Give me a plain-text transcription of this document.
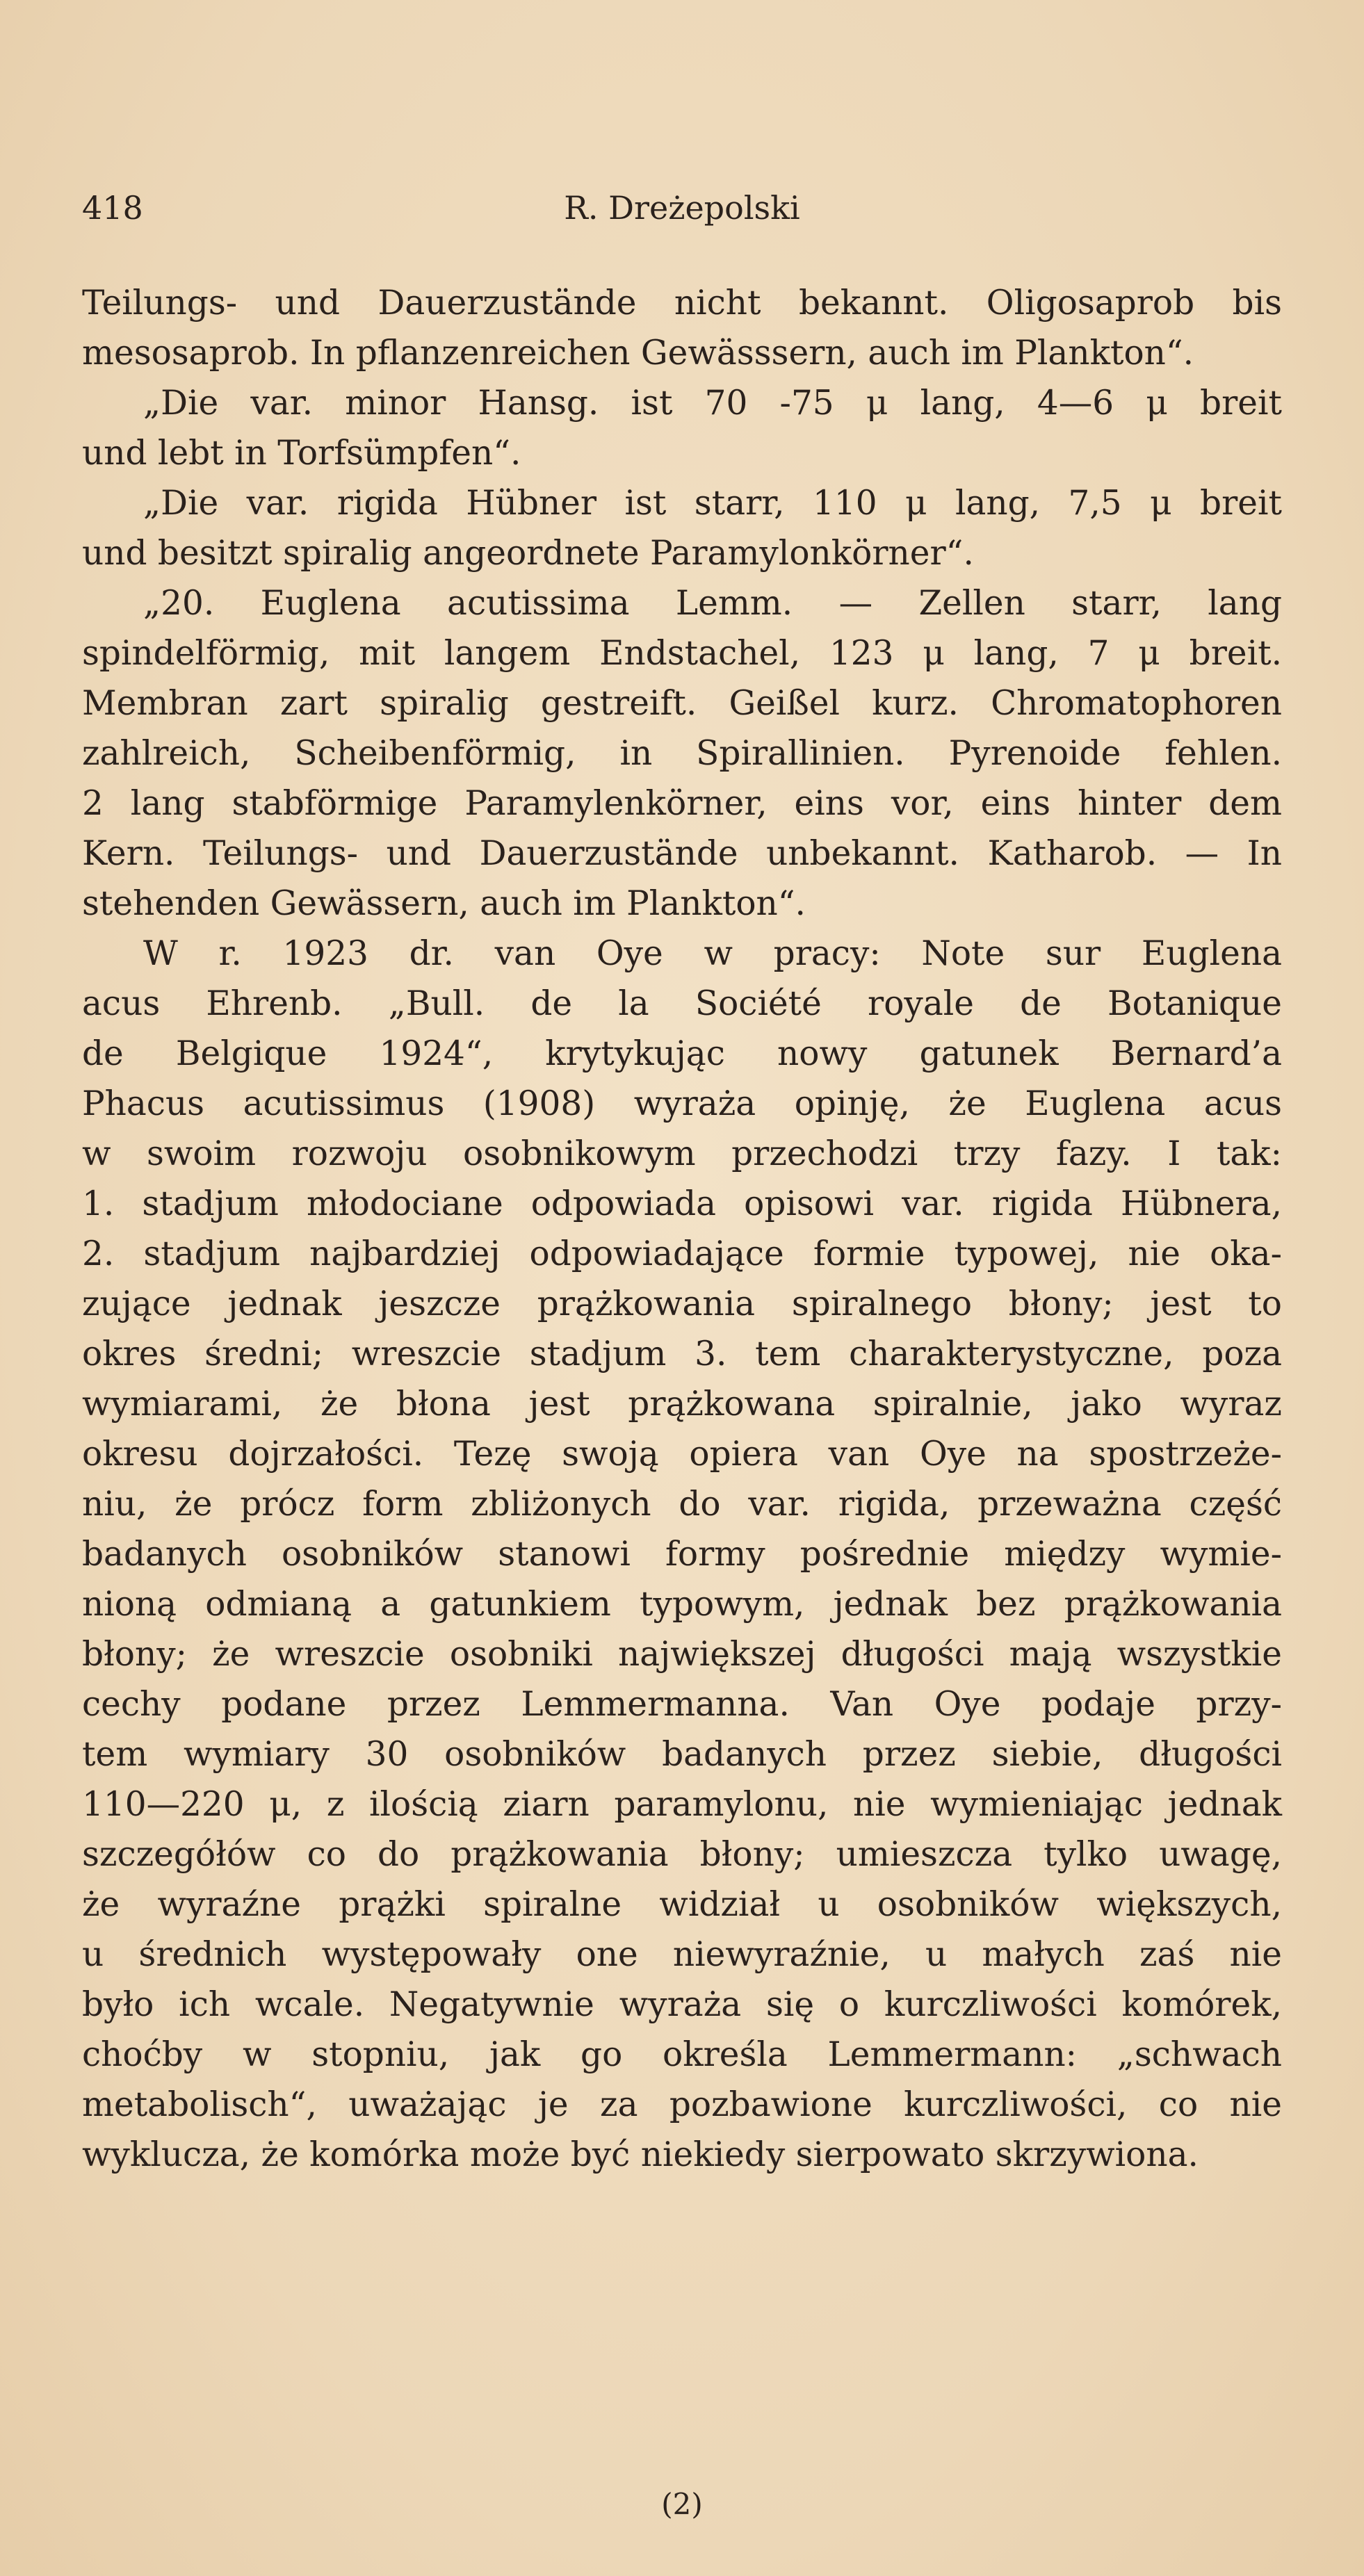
418	R. Dreżepolski

Teilungs- und Dauerzustände nicht bekannt. Oligosaprob bis

mesosaprob. In pflanzenreichen Gewässsern, auch im Plankton“.

„Die var. minor Hansg. ist 70 -75 μ lang, 4—6 μ breit

und lebt in Torfsümpfen“.

„Die var. rigida Hübner ist starr, 110 μ lang, 7,5 μ breit

und besitzt spiralig angeordnete Paramylonkörner“.

„20. Euglena acutissima Lemm. — Zellen starr, lang

spindelförmig, mit langem Endstachel, 123 μ lang, 7 μ breit.

Membran zart spiralig gestreift. Geißel kurz. Chromatophoren

zahlreich, Scheibenförmig, in Spirallinien. Pyrenoide fehlen.

2 lang stabförmige Paramylenkörner, eins vor, eins hinter dem

Kern. Teilungs- und Dauerzustände unbekannt. Katharob. — In

stehenden Gewässern, auch im Plankton“.

W r. 1923 dr. van Oye w pracy: Note sur Euglena

acus Ehrenb. „Bull. de la Société royale de Botanique

de Belgique 1924“, krytykując nowy gatunek Bernard’a

Phacus acutissimus (1908) wyraża opinję, że Euglena acus

w swoim rozwoju osobnikowym przechodzi trzy fazy. I tak:

1. stadjum młodociane odpowiada opisowi var. rigida Hübnera,

2. stadjum najbardziej odpowiadające formie typowej, nie oka-

zujące jednak jeszcze prążkowania spiralnego błony; jest to

okres średni; wreszcie stadjum 3. tem charakterystyczne, poza

wymiarami, że błona jest prążkowana spiralnie, jako wyraz

okresu dojrzałości. Tezę swoją opiera van Oye na spostrzeże-

niu, że prócz form zbliżonych do var. rigida, przeważna część

badanych osobników stanowi formy pośrednie między wymie-

nioną odmianą a gatunkiem typowym, jednak bez prążkowania

błony; że wreszcie osobniki największej długości mają wszystkie

cechy podane przez Lemmermanna. Van Oye podaje przy-

tem wymiary 30 osobników badanych przez siebie, długości

110—220 μ, z ilością ziarn paramylonu, nie wymieniając jednak

szczegółów co do prążkowania błony; umieszcza tylko uwagę,

że wyraźne prążki spiralne widział u osobników większych,

u średnich występowały one niewyraźnie, u małych zaś nie

było ich wcale. Negatywnie wyraża się o kurczliwości komórek,

choćby w stopniu, jak go określa Lemmermann: „schwach

metabolisch“, uważając je za pozbawione kurczliwości, co nie

wyklucza, że komórka może być niekiedy sierpowato skrzywiona.

(2)
